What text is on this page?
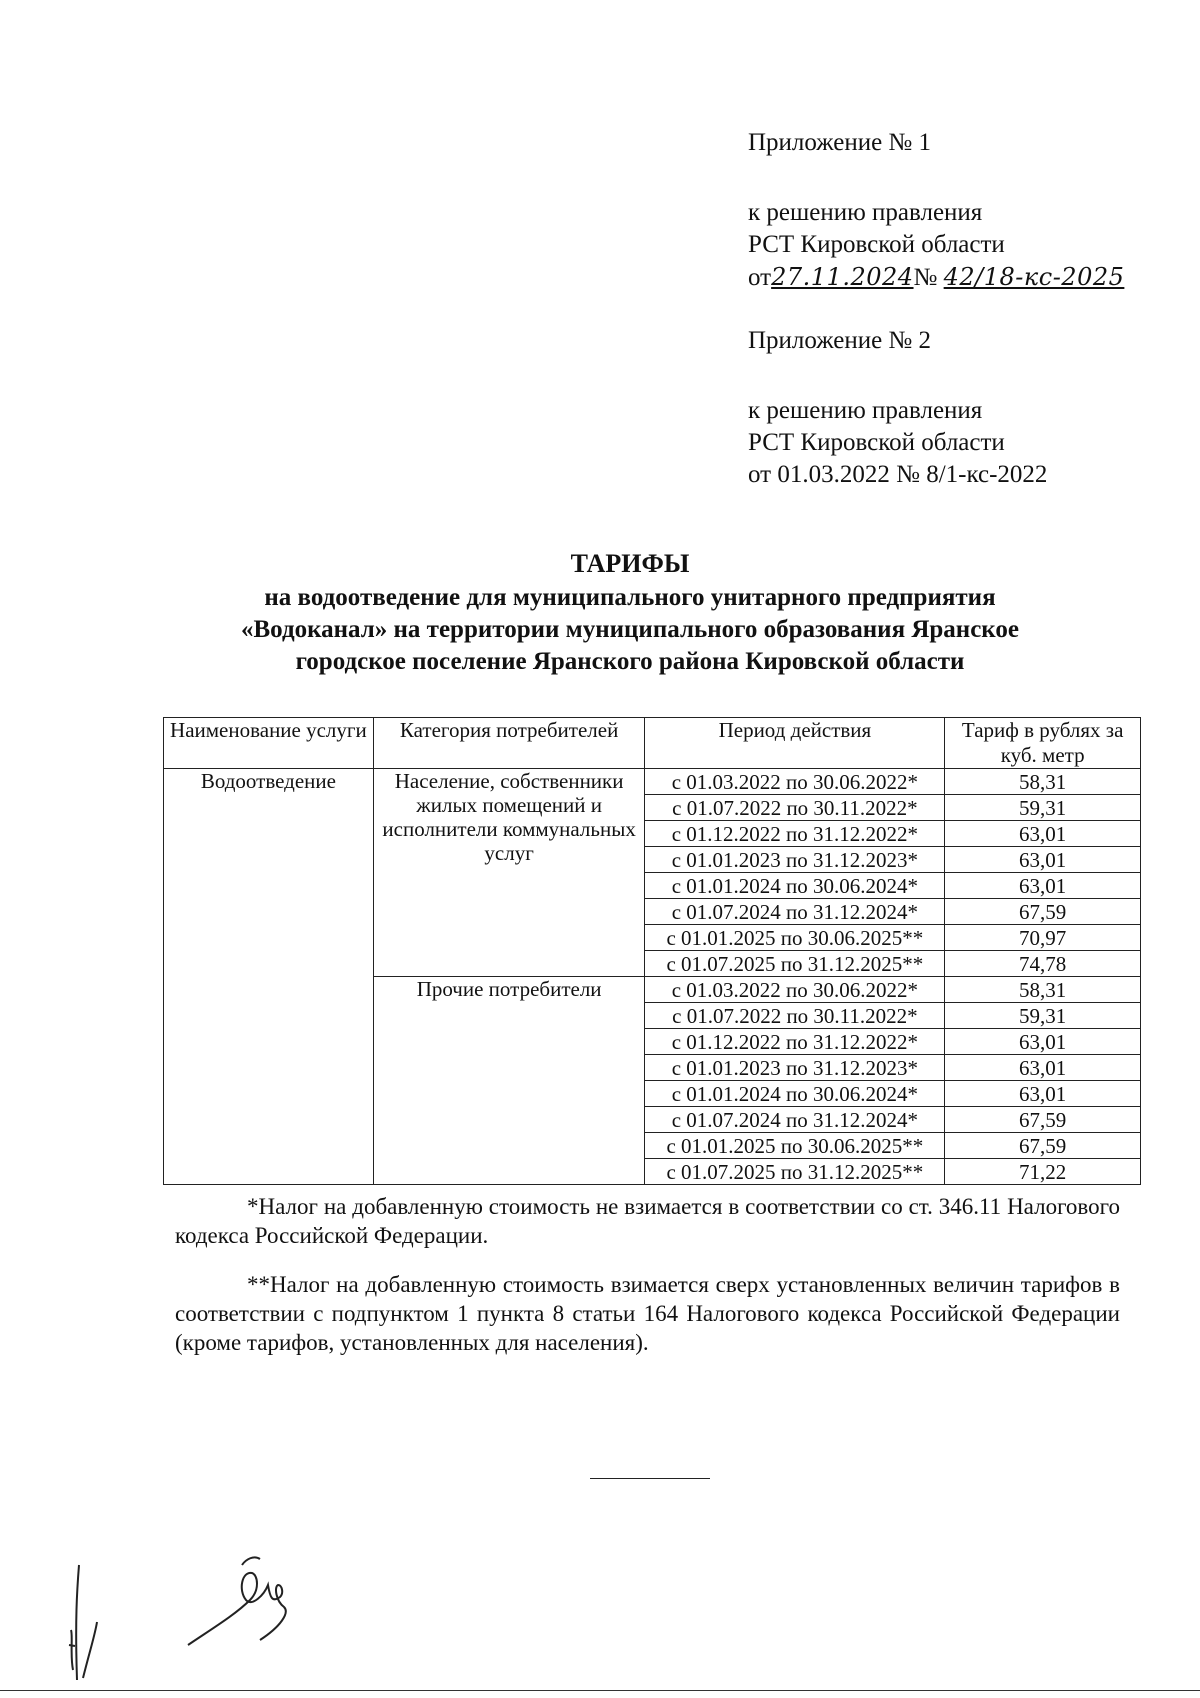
Приложение № 1
к решению правления
РСТ Кировской области
от27.11.2024№ 42/18-кс-2025
Приложение № 2
к решению правления
РСТ Кировской области
от 01.03.2022 № 8/1-кс-2022
ТАРИФЫ
на водоотведение для муниципального унитарного предприятия
«Водоканал» на территории муниципального образования Яранское
городское поселение Яранского района Кировской области
Наименование услуги	Категория потребителей	Период действия	Тариф в рублях за куб. метр
Водоотведение	Население, собственники жилых помещений и исполнители коммунальных услуг	с 01.03.2022 по 30.06.2022*	58,31
		с 01.07.2022 по 30.11.2022*	59,31
		с 01.12.2022 по 31.12.2022*	63,01
		с 01.01.2023 по 31.12.2023*	63,01
		с 01.01.2024 по 30.06.2024*	63,01
		с 01.07.2024 по 31.12.2024*	67,59
		с 01.01.2025 по 30.06.2025**	70,97
		с 01.07.2025 по 31.12.2025**	74,78
	Прочие потребители	с 01.03.2022 по 30.06.2022*	58,31
		с 01.07.2022 по 30.11.2022*	59,31
		с 01.12.2022 по 31.12.2022*	63,01
		с 01.01.2023 по 31.12.2023*	63,01
		с 01.01.2024 по 30.06.2024*	63,01
		с 01.07.2024 по 31.12.2024*	67,59
		с 01.01.2025 по 30.06.2025**	67,59
		с 01.07.2025 по 31.12.2025**	71,22
*Налог на добавленную стоимость не взимается в соответствии со ст. 346.11 Налогового кодекса Российской Федерации.
**Налог на добавленную стоимость взимается сверх установленных величин тарифов в соответствии с подпунктом 1 пункта 8 статьи 164 Налогового кодекса Российской Федерации (кроме тарифов, установленных для населения).
